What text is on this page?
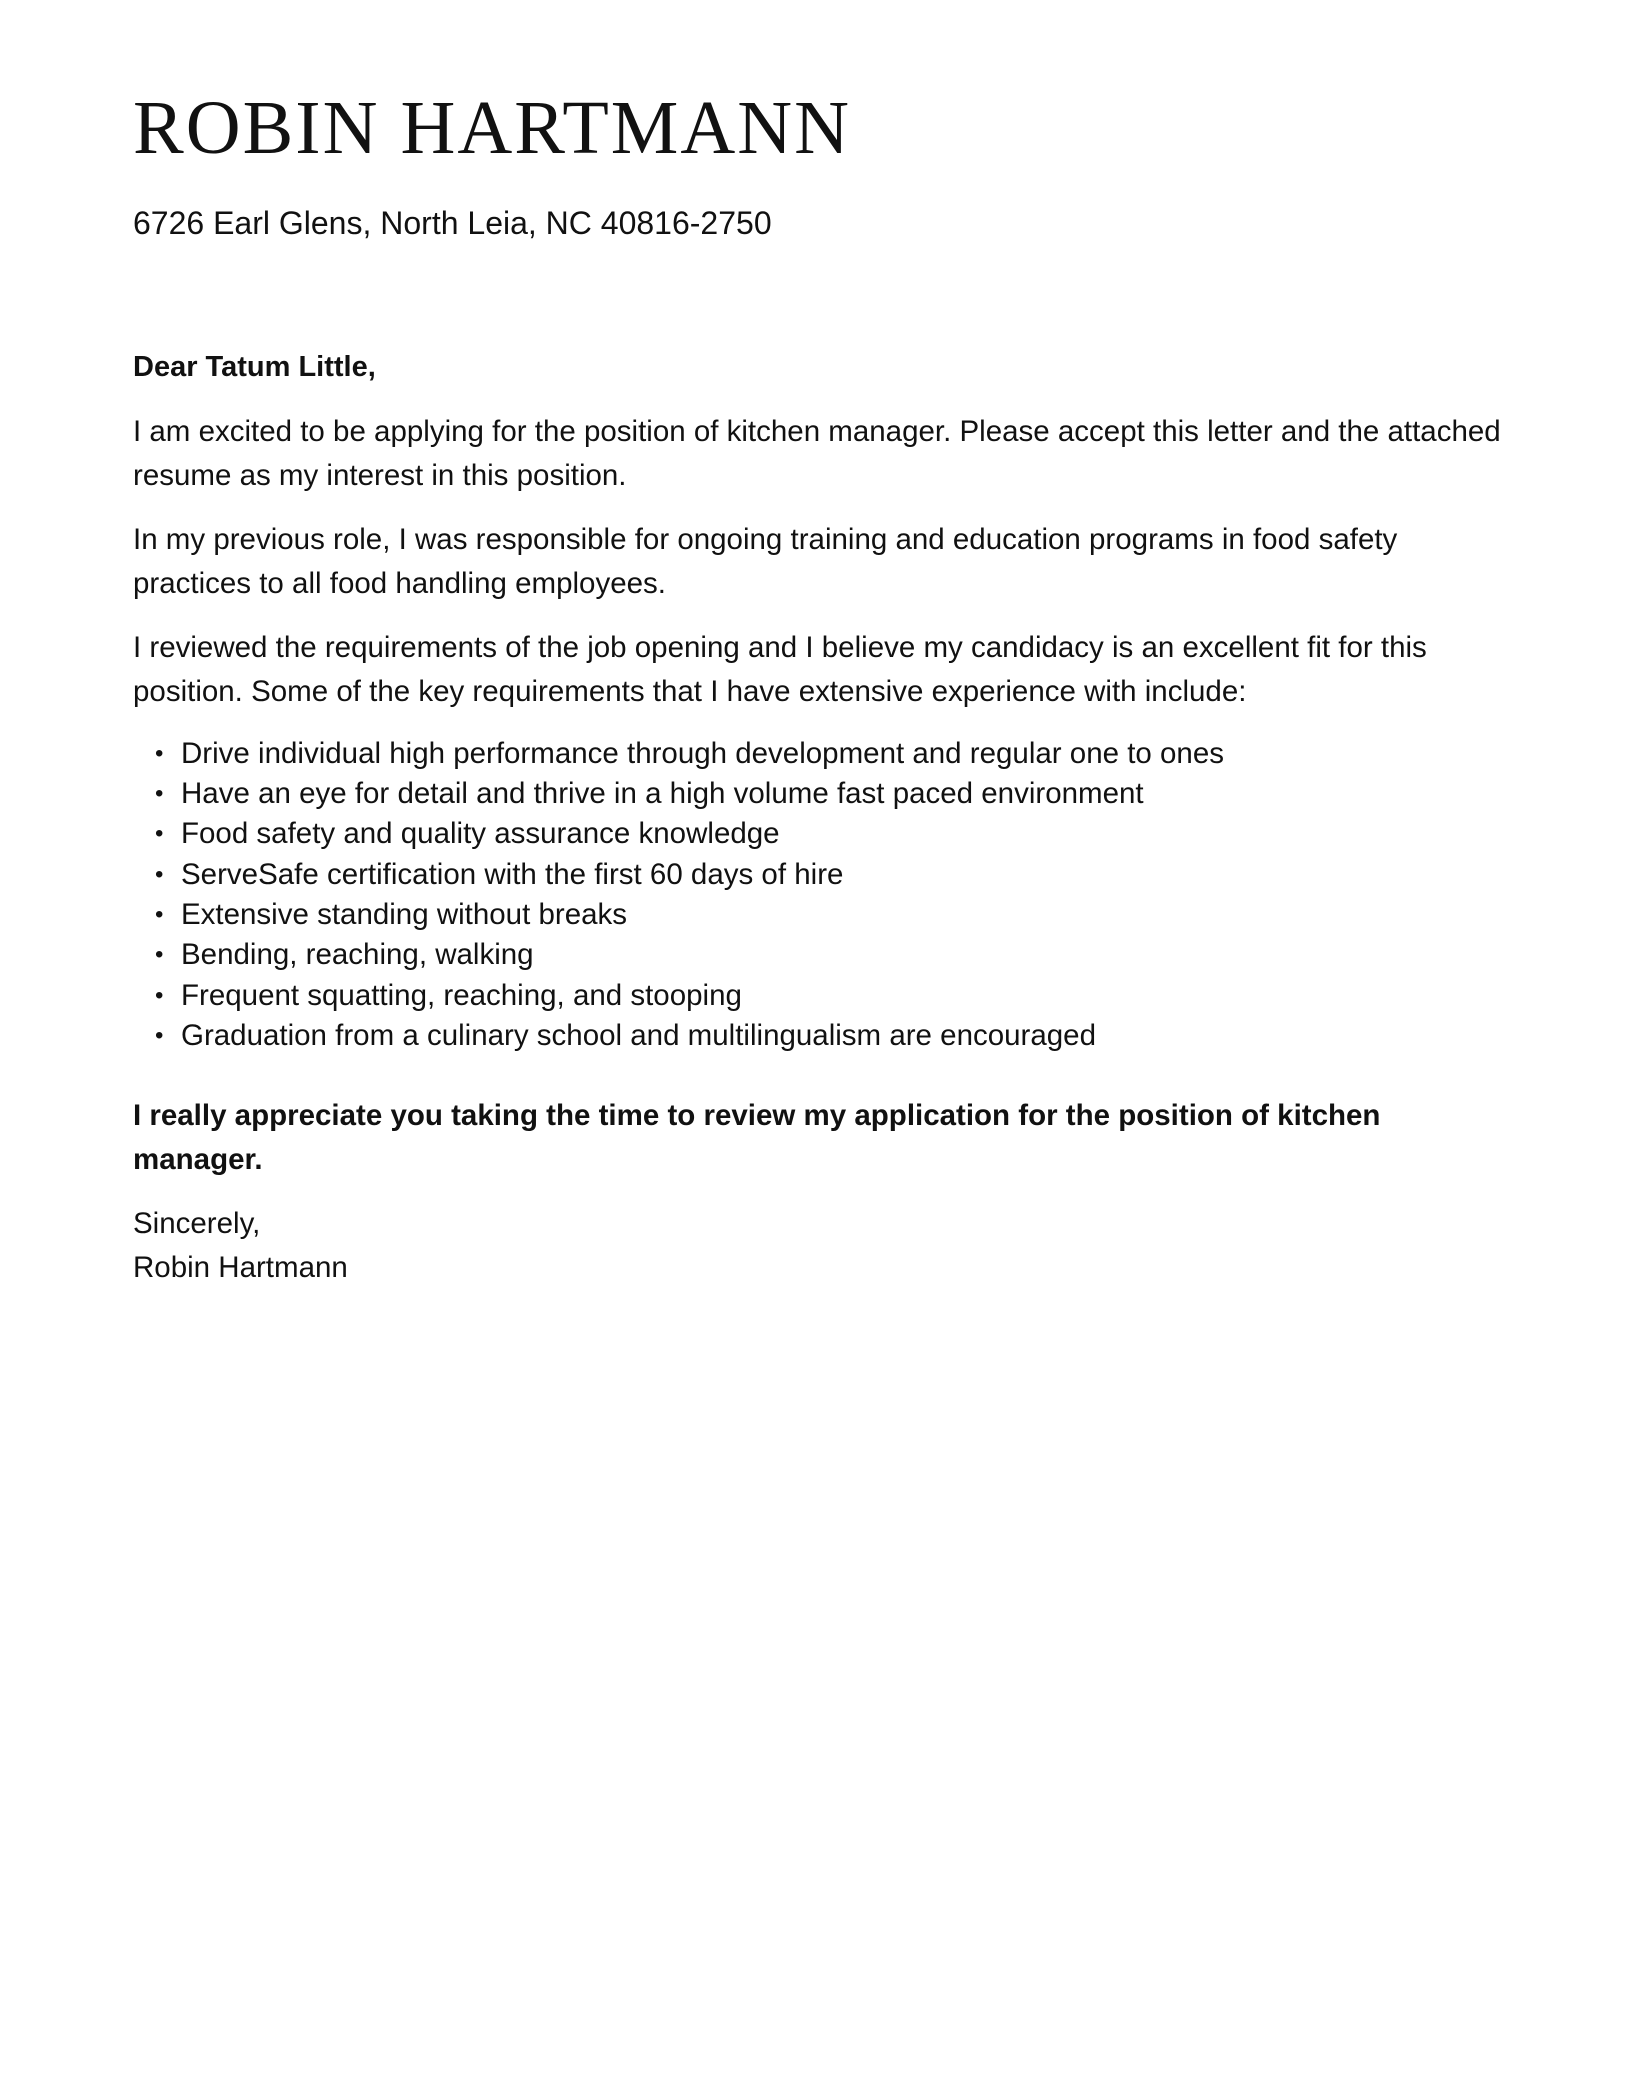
ROBIN HARTMANN
6726 Earl Glens, North Leia, NC 40816-2750
Dear Tatum Little,
I am excited to be applying for the position of kitchen manager. Please accept this letter and the attached resume as my interest in this position.
In my previous role, I was responsible for ongoing training and education programs in food safety practices to all food handling employees.
I reviewed the requirements of the job opening and I believe my candidacy is an excellent fit for this position. Some of the key requirements that I have extensive experience with include:
• Drive individual high performance through development and regular one to ones
• Have an eye for detail and thrive in a high volume fast paced environment
• Food safety and quality assurance knowledge
• ServeSafe certification with the first 60 days of hire
• Extensive standing without breaks
• Bending, reaching, walking
• Frequent squatting, reaching, and stooping
• Graduation from a culinary school and multilingualism are encouraged
I really appreciate you taking the time to review my application for the position of kitchen manager.
Sincerely,
Robin Hartmann
